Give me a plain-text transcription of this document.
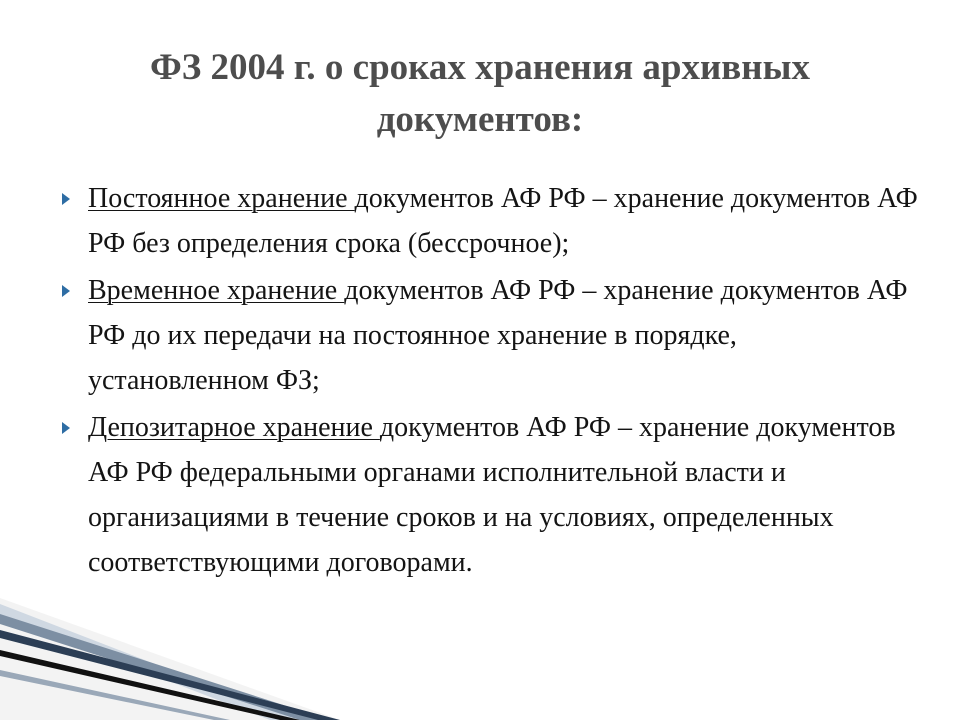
ФЗ 2004 г. о сроках хранения архивных
документов:
Постоянное хранение документов АФ РФ – хранение документов АФ РФ без определения срока (бессрочное);
Временное хранение документов АФ РФ – хранение документов АФ РФ до их передачи на постоянное хранение в порядке, установленном ФЗ;
Депозитарное хранение документов АФ РФ – хранение документов АФ РФ федеральными органами исполнительной власти и организациями в течение сроков и на условиях, определенных соответствующими договорами.
